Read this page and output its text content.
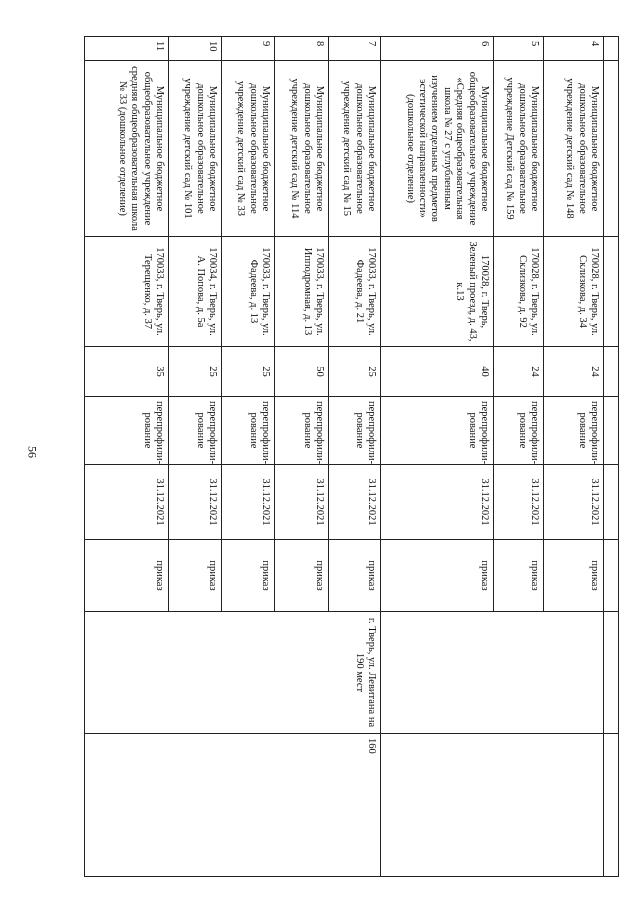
56

4	Муниципальное бюджетное дошкольное образовательное учреждение детский сад № 148	170028, г. Тверь, ул. Склизкова, д. 34	24	перепрофили-рование	31.12.2021	приказ		
5	Муниципальное бюджетное дошкольное образовательное учреждение Детский сад № 159	170028, г. Тверь, ул. Склизкова, д. 92	24	перепрофили-рование	31.12.2021	приказ		
6	Муниципальное бюджетное общеобразовательное учреждение «Средняя общеобразовательная школа № 27 с углубленным изучением отдельных предметов эстетической направленности» (дошкольное отделение)	170028, г. Тверь, Зеленый проезд, д. 43, к.13	40	перепрофили-рование	31.12.2021	приказ		
7	Муниципальное бюджетное дошкольное образовательное учреждение детский сад № 15	170033, г. Тверь, ул. Фадеева, д. 21	25	перепрофили-рование	31.12.2021	приказ	г. Тверь, ул. Левитана на 190 мест	160
8	Муниципальное бюджетное дошкольное образовательное учреждение детский сад № 114	170033, г. Тверь, ул. Ипподромная, д. 13	50	перепрофили-рование	31.12.2021	приказ		
9	Муниципальное бюджетное дошкольное образовательное учреждение детский сад № 33	170033, г. Тверь, ул. Фадеева, д. 13	25	перепрофили-рование	31.12.2021	приказ		
10	Муниципальное бюджетное дошкольное образовательное учреждение детский сад № 101	170034, г. Тверь, ул. А. Попова, д. 5а	25	перепрофили-рование	31.12.2021	приказ		
11	Муниципальное бюджетное общеобразовательное учреждение средняя общеобразовательная школа № 33 (дошкольное отделение)	170033, г. Тверь, ул. Терещенко, д. 37	35	перепрофили-рование	31.12.2021	приказ		
